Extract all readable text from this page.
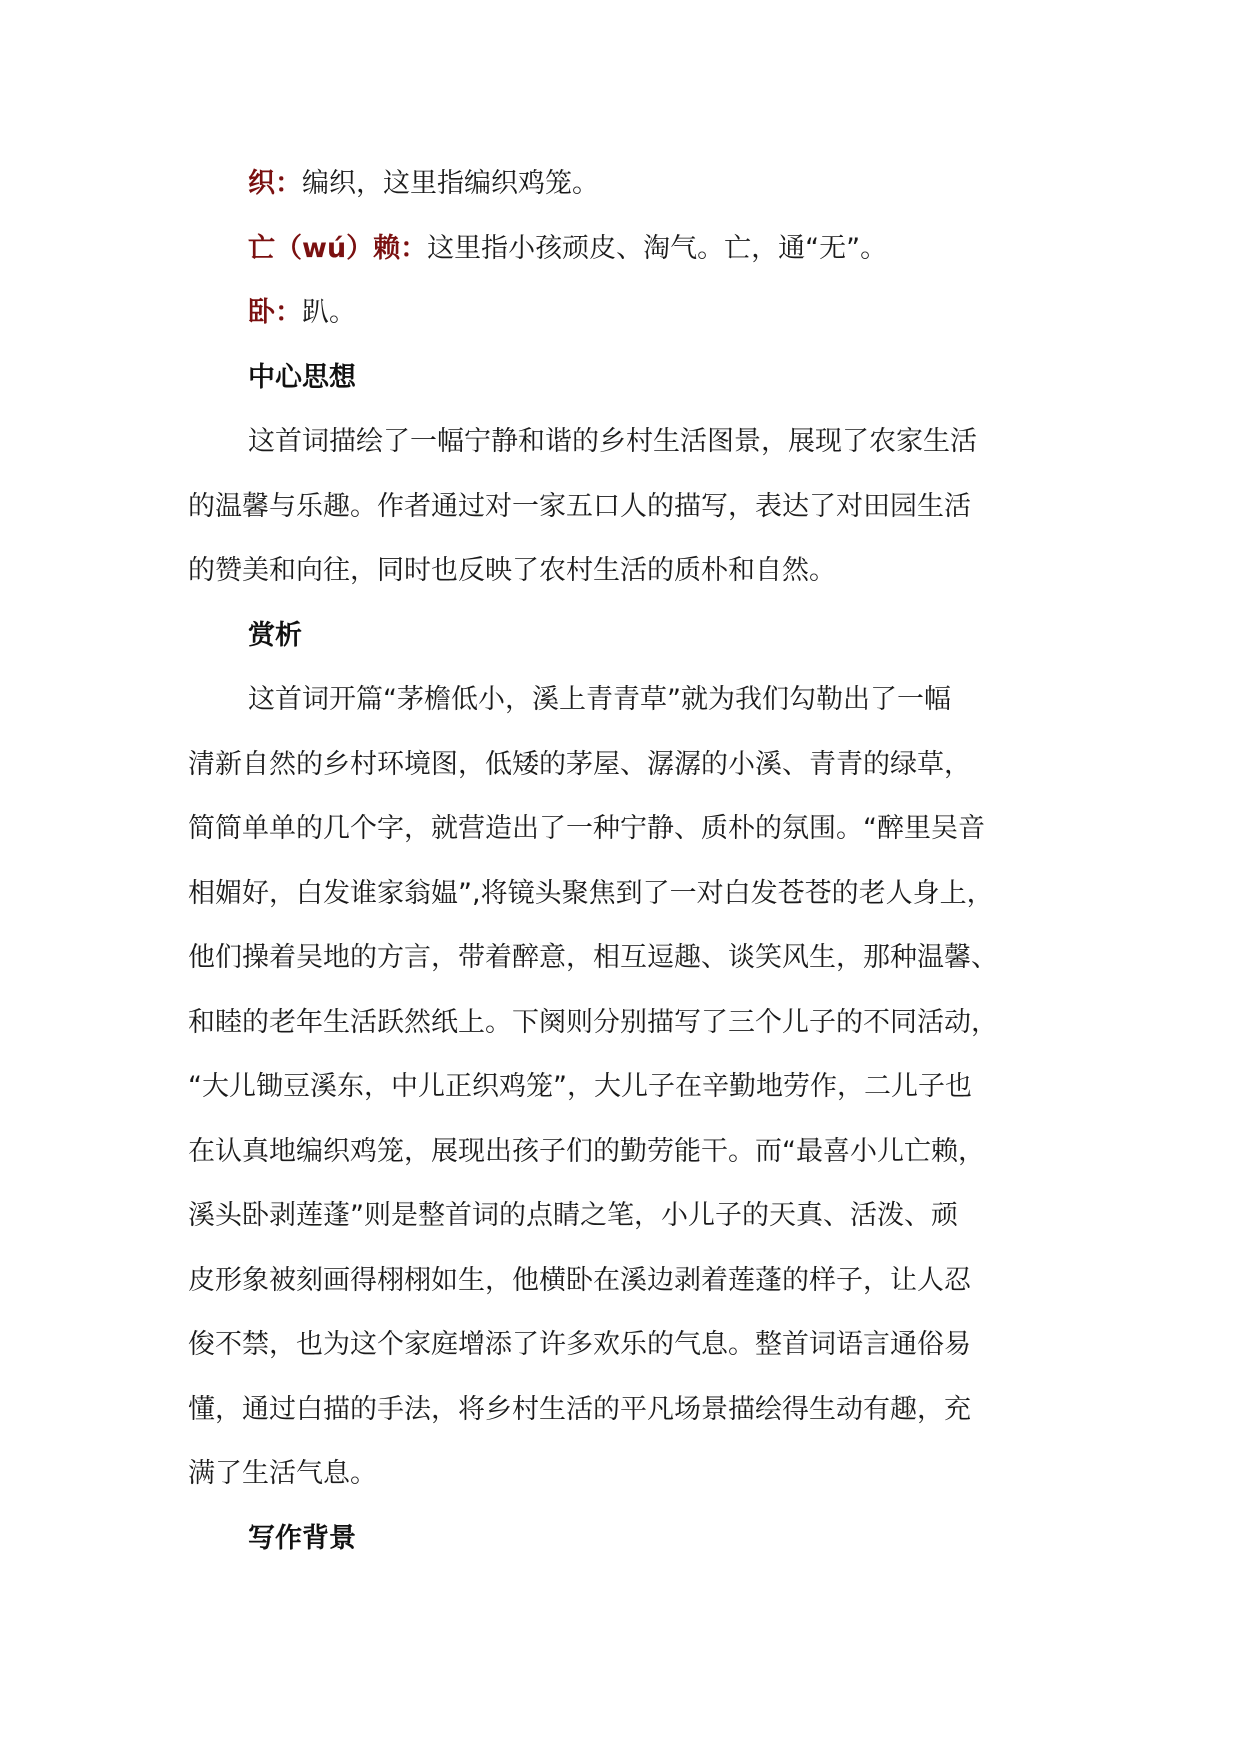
织：编织，这里指编织鸡笼。
亡（wú）赖：这里指小孩顽皮、淘气。亡，通“无”。
卧：趴。
中心思想
这首词描绘了一幅宁静和谐的乡村生活图景，展现了农家生活
的温馨与乐趣。作者通过对一家五口人的描写，表达了对田园生活
的赞美和向往，同时也反映了农村生活的质朴和自然。
赏析
这首词开篇“茅檐低小，溪上青青草”就为我们勾勒出了一幅
清新自然的乡村环境图，低矮的茅屋、潺潺的小溪、青青的绿草，
简简单单的几个字，就营造出了一种宁静、质朴的氛围。“醉里吴音
相媚好，白发谁家翁媪”,将镜头聚焦到了一对白发苍苍的老人身上，
他们操着吴地的方言，带着醉意，相互逗趣、谈笑风生，那种温馨、
和睦的老年生活跃然纸上。下阕则分别描写了三个儿子的不同活动，
“大儿锄豆溪东，中儿正织鸡笼”，大儿子在辛勤地劳作，二儿子也
在认真地编织鸡笼，展现出孩子们的勤劳能干。而“最喜小儿亡赖，
溪头卧剥莲蓬”则是整首词的点睛之笔，小儿子的天真、活泼、顽
皮形象被刻画得栩栩如生，他横卧在溪边剥着莲蓬的样子，让人忍
俊不禁，也为这个家庭增添了许多欢乐的气息。整首词语言通俗易
懂，通过白描的手法，将乡村生活的平凡场景描绘得生动有趣，充
满了生活气息。
写作背景
